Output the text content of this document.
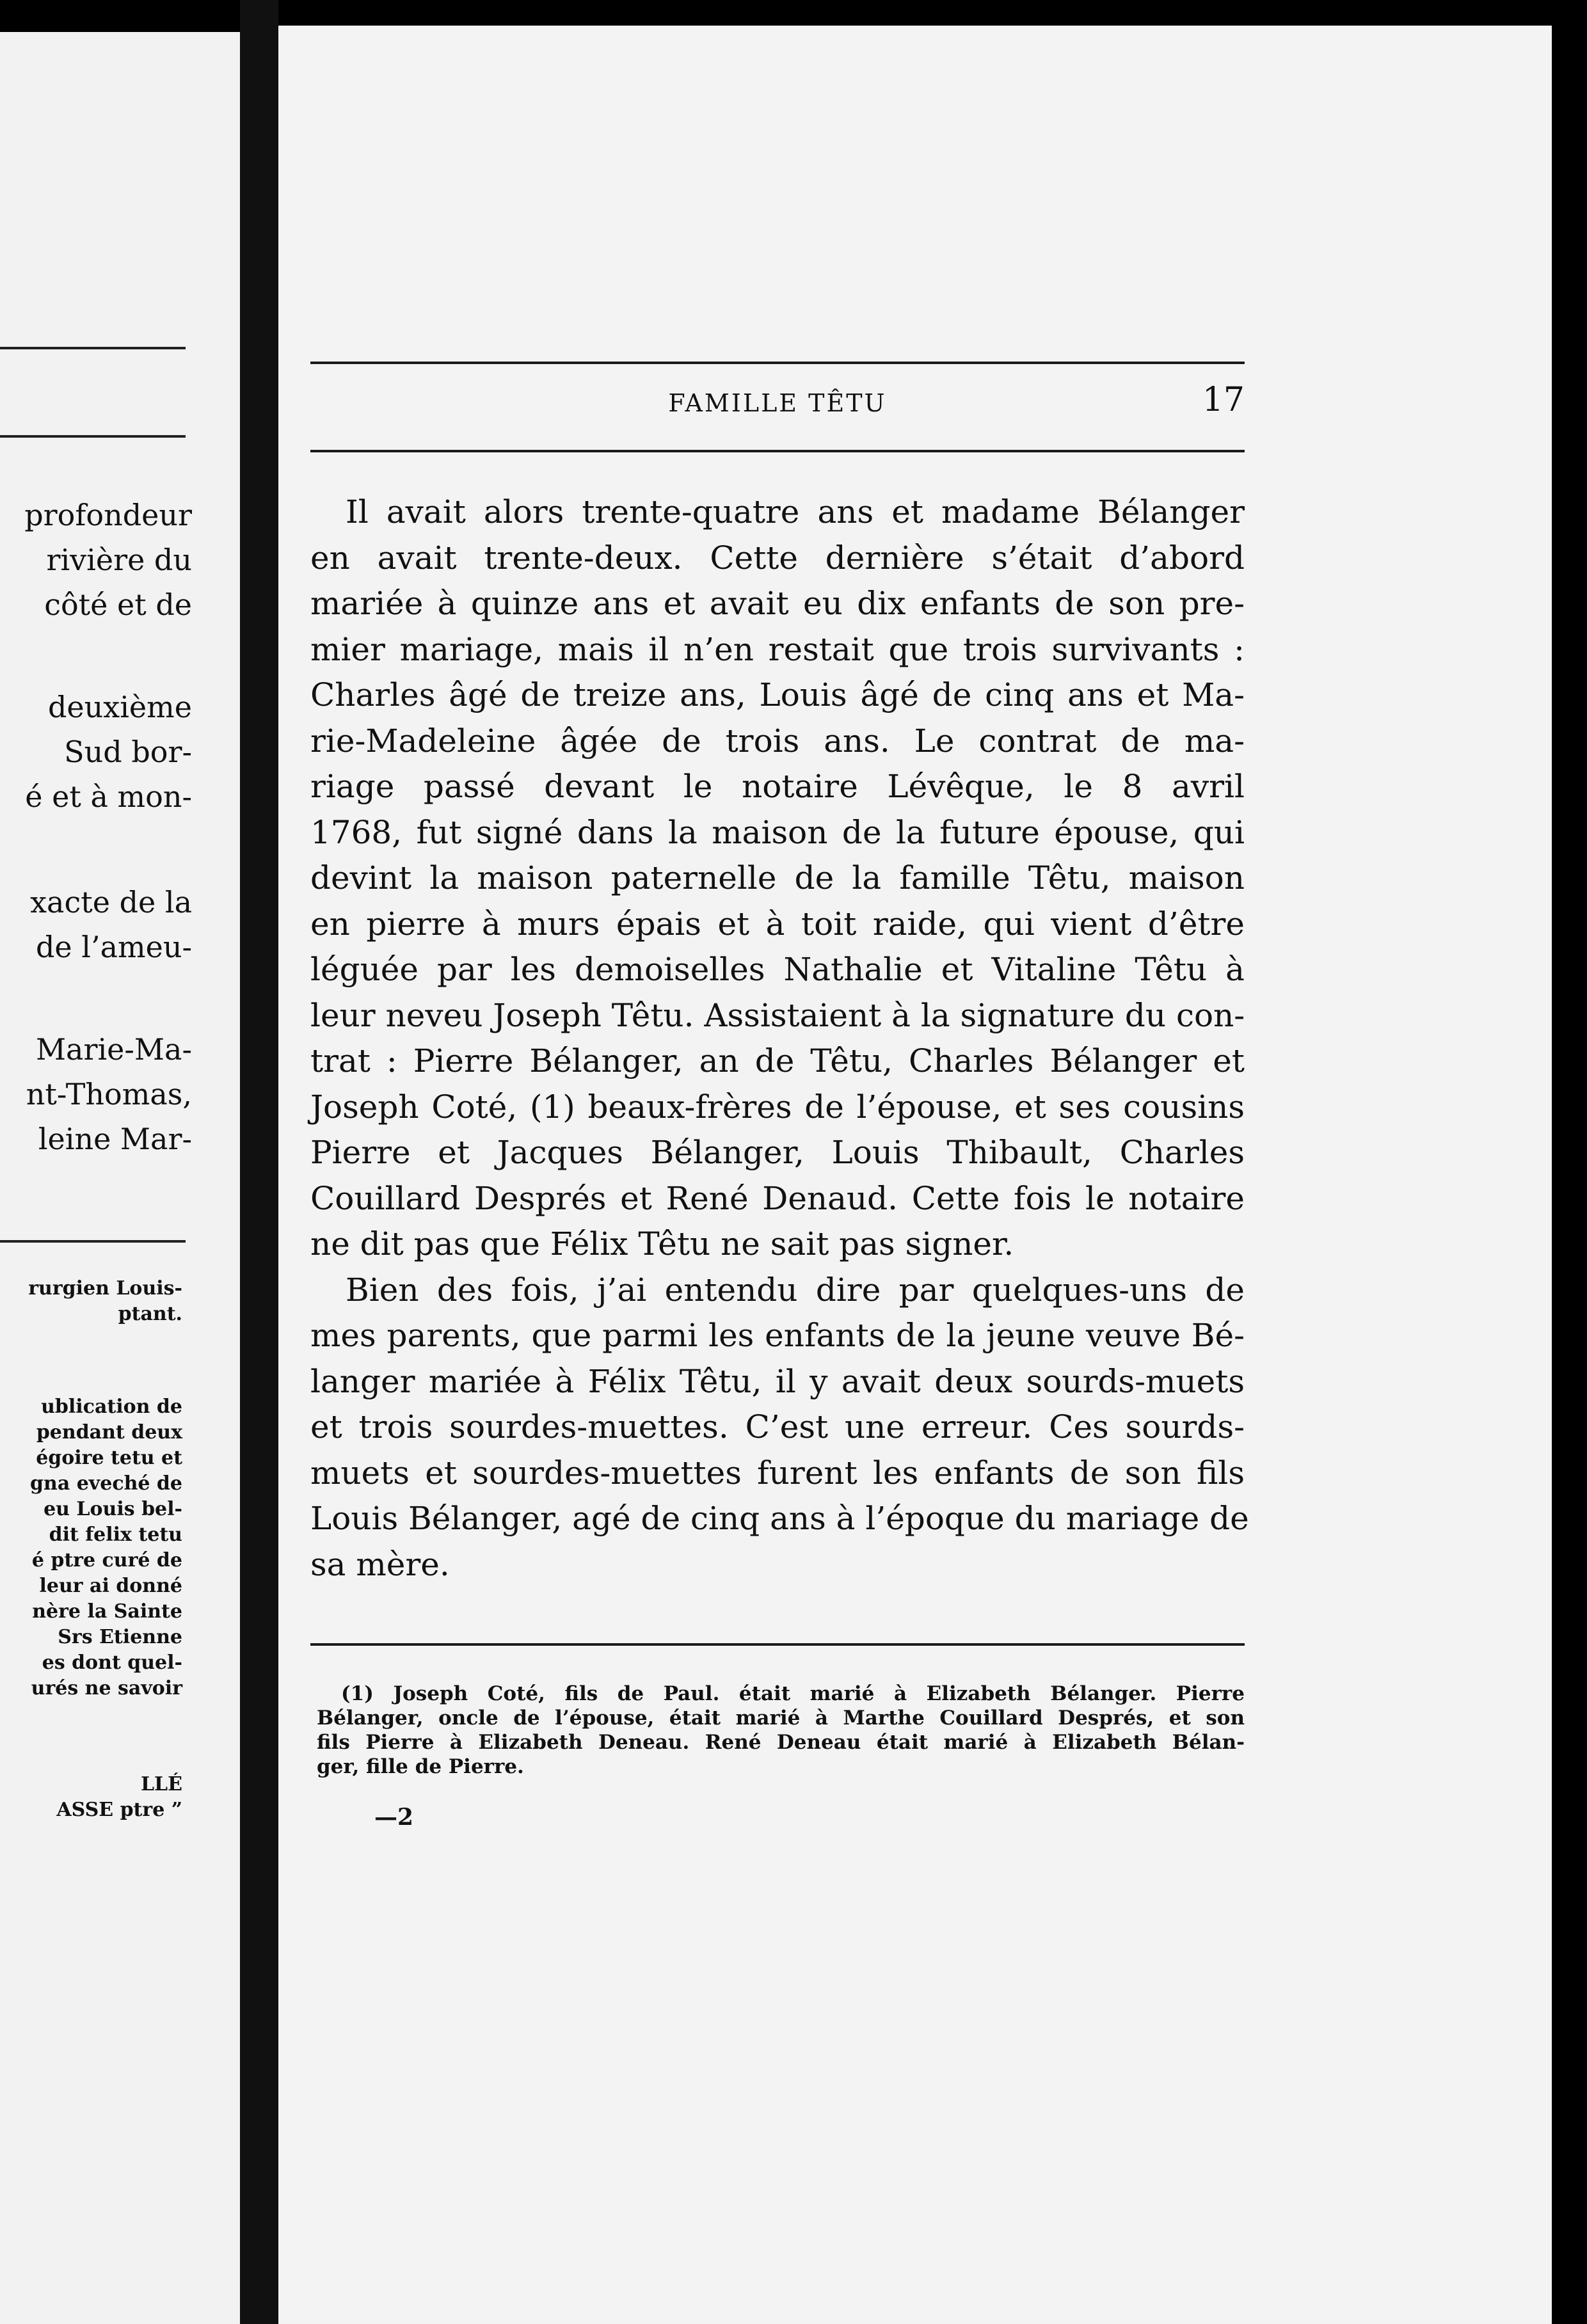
profondeur
rivière du
côté et de
deuxième
Sud bor-
é et à mon-
xacte de la
de l’ameu-
Marie-Ma-
nt-Thomas,
leine Mar-
rurgien Louis-
ptant.
ublication de
pendant deux
égoire tetu et
gna eveché de
eu Louis bel-
dit felix tetu
é ptre curé de
leur ai donné
nère la Sainte
Srs Etienne
es dont quel-
urés ne savoir
LLÉ
ASSE ptre ”
FAMILLE TÊTU	17

Il avait alors trente-quatre ans et madame Bélanger
en avait trente-deux. Cette dernière s’était d’abord
mariée à quinze ans et avait eu dix enfants de son pre-
mier mariage, mais il n’en restait que trois survivants :
Charles âgé de treize ans, Louis âgé de cinq ans et Ma-
rie-Madeleine âgée de trois ans. Le contrat de ma-
riage passé devant le notaire Lévêque, le 8 avril
1768, fut signé dans la maison de la future épouse, qui
devint la maison paternelle de la famille Têtu, maison
en pierre à murs épais et à toit raide, qui vient d’être
léguée par les demoiselles Nathalie et Vitaline Têtu à
leur neveu Joseph Têtu. Assistaient à la signature du con-
trat : Pierre Bélanger, an de Têtu, Charles Bélanger et
Joseph Coté, (1) beaux-frères de l’épouse, et ses cousins
Pierre et Jacques Bélanger, Louis Thibault, Charles
Couillard Després et René Denaud. Cette fois le notaire
ne dit pas que Félix Têtu ne sait pas signer.

Bien des fois, j’ai entendu dire par quelques-uns de
mes parents, que parmi les enfants de la jeune veuve Bé-
langer mariée à Félix Têtu, il y avait deux sourds-muets
et trois sourdes-muettes. C’est une erreur. Ces sourds-
muets et sourdes-muettes furent les enfants de son fils
Louis Bélanger, agé de cinq ans à l’époque du mariage de
sa mère.

(1) Joseph Coté, fils de Paul. était marié à Elizabeth Bélanger. Pierre
Bélanger, oncle de l’épouse, était marié à Marthe Couillard Després, et son
fils Pierre à Elizabeth Deneau. René Deneau était marié à Elizabeth Bélan-
ger, fille de Pierre.
—2
